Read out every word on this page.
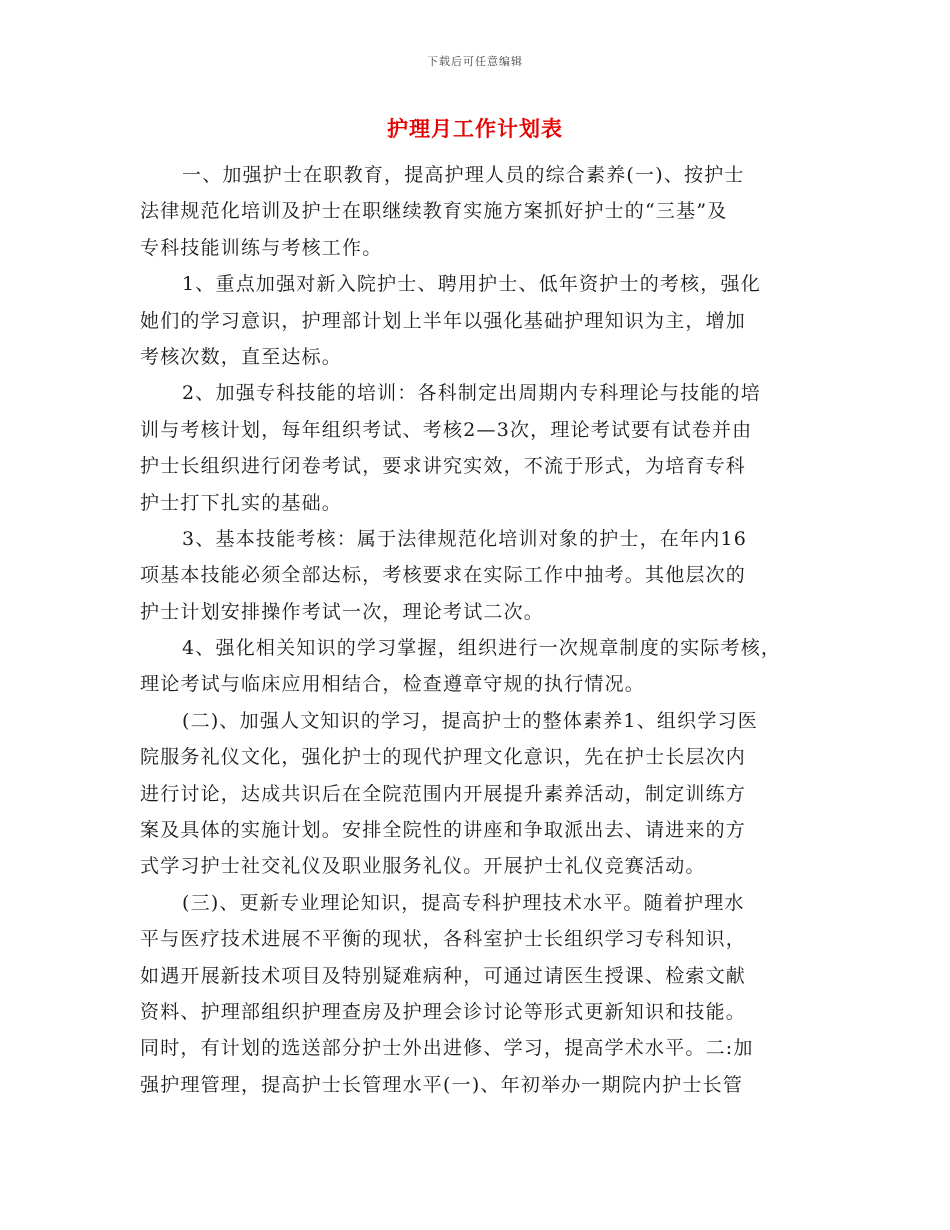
下载后可任意编辑
护理月工作计划表
一、加强护士在职教育，提高护理人员的综合素养(一)、按护士
法律规范化培训及护士在职继续教育实施方案抓好护士的“三基”及
专科技能训练与考核工作。
1、重点加强对新入院护士、聘用护士、低年资护士的考核，强化
她们的学习意识，护理部计划上半年以强化基础护理知识为主，增加
考核次数，直至达标。
2、加强专科技能的培训：各科制定出周期内专科理论与技能的培
训与考核计划，每年组织考试、考核2—3次，理论考试要有试卷并由
护士长组织进行闭卷考试，要求讲究实效，不流于形式，为培育专科
护士打下扎实的基础。
3、基本技能考核：属于法律规范化培训对象的护士，在年内16
项基本技能必须全部达标，考核要求在实际工作中抽考。其他层次的
护士计划安排操作考试一次，理论考试二次。
4、强化相关知识的学习掌握，组织进行一次规章制度的实际考核，
理论考试与临床应用相结合，检查遵章守规的执行情况。
(二)、加强人文知识的学习，提高护士的整体素养1、组织学习医
院服务礼仪文化，强化护士的现代护理文化意识，先在护士长层次内
进行讨论，达成共识后在全院范围内开展提升素养活动，制定训练方
案及具体的实施计划。安排全院性的讲座和争取派出去、请进来的方
式学习护士社交礼仪及职业服务礼仪。开展护士礼仪竞赛活动。
(三)、更新专业理论知识，提高专科护理技术水平。随着护理水
平与医疗技术进展不平衡的现状，各科室护士长组织学习专科知识，
如遇开展新技术项目及特别疑难病种，可通过请医生授课、检索文献
资料、护理部组织护理查房及护理会诊讨论等形式更新知识和技能。
同时，有计划的选送部分护士外出进修、学习，提高学术水平。二:加
强护理管理，提高护士长管理水平(一)、年初举办一期院内护士长管
